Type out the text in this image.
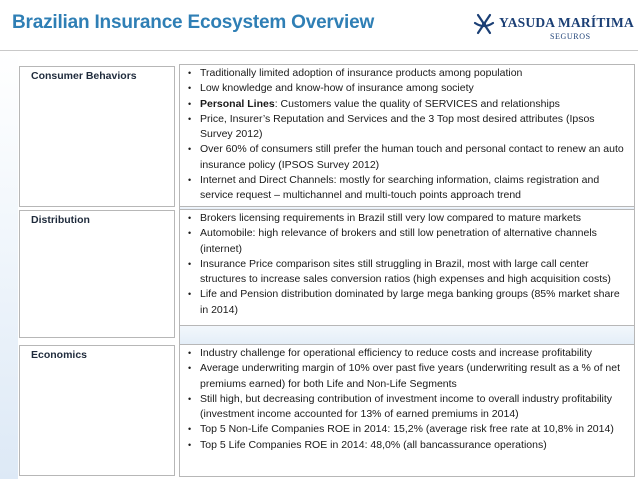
Brazilian Insurance Ecosystem Overview	YASUDA MARÍTIMA
SEGUROS
Consumer Behaviors	• Traditionally limited adoption of insurance products among population
• Low knowledge and know-how of insurance among society
• Personal Lines: Customers value the quality of SERVICES and relationships
• Price, Insurer’s Reputation and Services and the 3 Top most desired attributes (Ipsos Survey 2012)
• Over 60% of consumers still prefer the human touch and personal contact to renew an auto insurance policy (IPSOS Survey 2012)
• Internet and Direct Channels: mostly for searching information, claims registration and service request – multichannel and multi-touch points approach trend
Distribution	• Brokers licensing requirements in Brazil still very low compared to mature markets
• Automobile: high relevance of brokers and still low penetration of alternative channels (internet)
• Insurance Price comparison sites still struggling in Brazil, most with large call center structures to increase sales conversion ratios (high expenses and high acquisition costs)
• Life and Pension distribution dominated by large mega banking groups (85% market share in 2014)
Economics	• Industry challenge for operational efficiency to reduce costs and increase profitability
• Average underwriting margin of 10% over past five years (underwriting result as a % of net premiums earned) for both Life and Non-Life Segments
• Still high, but decreasing contribution of investment income to overall industry profitability (investment income accounted for 13% of earned premiums in 2014)
• Top 5 Non-Life Companies ROE in 2014: 15,2% (average risk free rate at 10,8% in 2014)
• Top 5 Life Companies ROE in 2014: 48,0% (all bancassurance operations)
